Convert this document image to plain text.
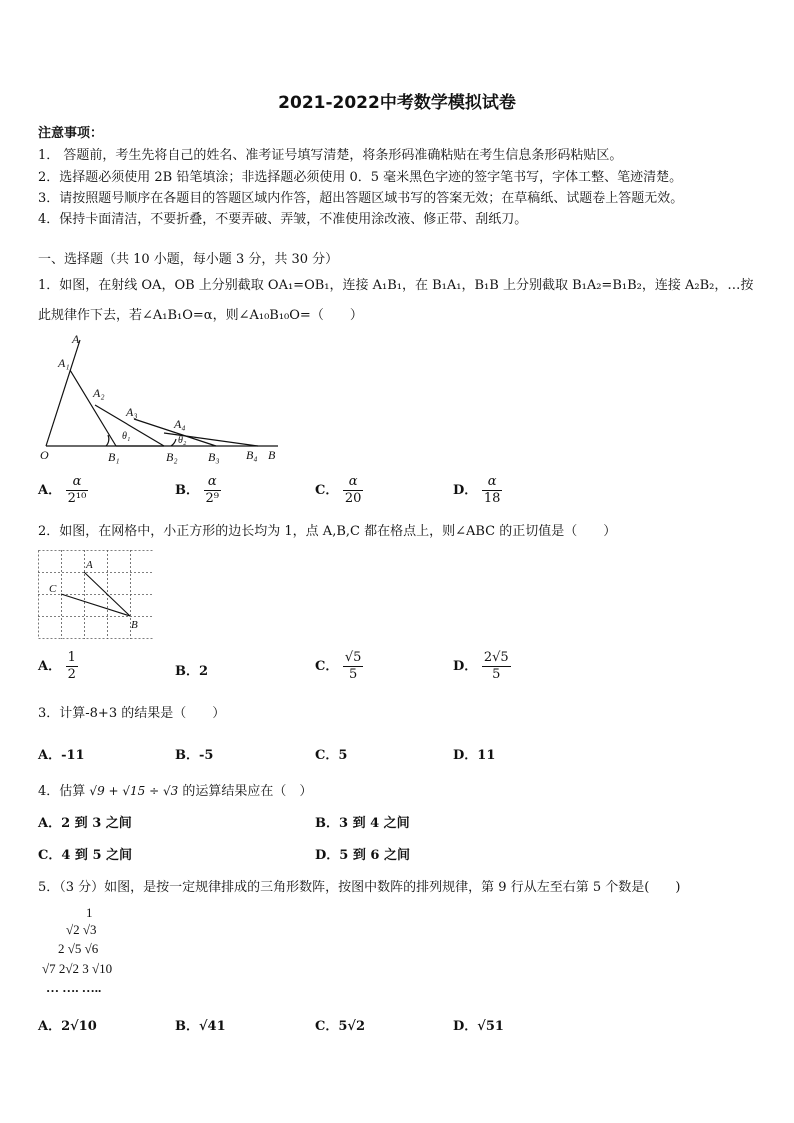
2021-2022中考数学模拟试卷
注意事项：
1． 答题前，考生先将自己的姓名、准考证号填写清楚，将条形码准确粘贴在考生信息条形码粘贴区。
2．选择题必须使用 2B 铅笔填涂；非选择题必须使用 0．5 毫米黑色字迹的签字笔书写，字体工整、笔迹清楚。
3．请按照题号顺序在各题目的答题区域内作答，超出答题区域书写的答案无效；在草稿纸、试题卷上答题无效。
4．保持卡面清洁，不要折叠，不要弄破、弄皱，不准使用涂改液、修正带、刮纸刀。
一、选择题（共 10 小题，每小题 3 分，共 30 分）
1．如图，在射线 OA，OB 上分别截取 OA₁=OB₁，连接 A₁B₁，在 B₁A₁，B₁B 上分别截取 B₁A₂=B₁B₂，连接 A₂B₂，…按
此规律作下去，若∠A₁B₁O=α，则∠A₁₀B₁₀O=（　　）
A
A₁
A₂
A₃
A₄
O	B₁	B₂	B₃ B₄ B
θ₁	θ₂
A． $\frac{\alpha}{\text{2¹⁰}}$	B． $\frac{\alpha}{\text{2⁹}}$	C． $\frac{\alpha}{20}$	D． $\frac{\alpha}{18}$
2．如图，在网格中，小正方形的边长均为 1，点 A,B,C 都在格点上，则∠ABC 的正切值是（　　）
A
C
B
A． $\frac{1}{2}$	B．2	C． $\frac{√5}{5}$	D． $\frac{2√5}{5}$
3．计算-8+3 的结果是（　　）
A．-11	B．-5	C．5	D．11
4．估算 √9 + √15 ÷ √3 的运算结果应在（　）
A．2 到 3 之间	B．3 到 4 之间
C．4 到 5 之间	D．5 到 6 之间
5．（3 分）如图，是按一定规律排成的三角形数阵，按图中数阵的排列规律，第 9 行从左至右第 5 个数是(　　)
1
√2 √3
2 √5 √6
√7 2√2 3 √10
… …. …..
A．2√10	B．√41	C．5√2	D．√51
